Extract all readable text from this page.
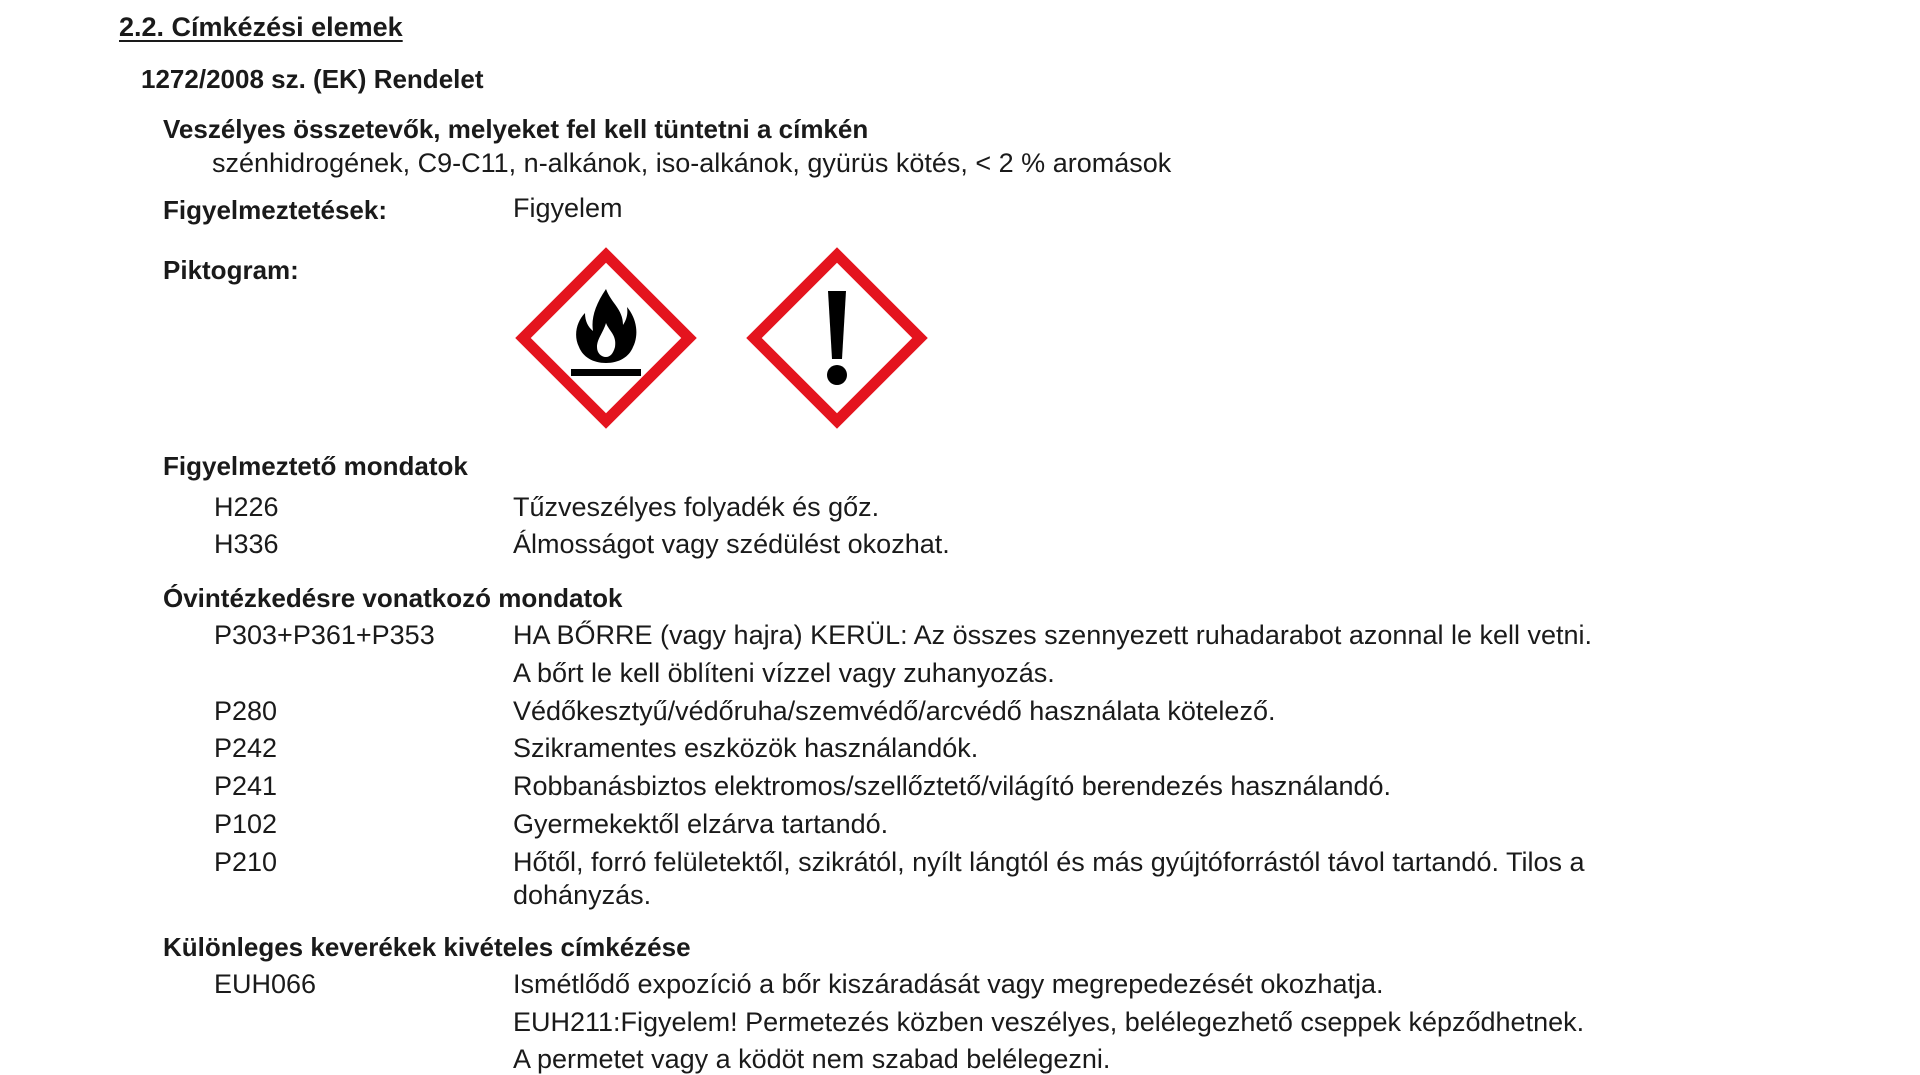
2.2. Címkézési elemek
1272/2008 sz. (EK) Rendelet
Veszélyes összetevők, melyeket fel kell tüntetni a címkén
szénhidrogének, C9-C11, n-alkánok, iso-alkánok, gyürüs kötés, < 2 % aromások
Figyelmeztetések:	Figyelem
Piktogram:
Figyelmeztető mondatok
H226	Tűzveszélyes folyadék és gőz.
H336	Álmosságot vagy szédülést okozhat.
Óvintézkedésre vonatkozó mondatok
P303+P361+P353	HA BŐRRE (vagy hajra) KERÜL: Az összes szennyezett ruhadarabot azonnal le kell vetni.
A bőrt le kell öblíteni vízzel vagy zuhanyozás.
P280	Védőkesztyű/védőruha/szemvédő/arcvédő használata kötelező.
P242	Szikramentes eszközök használandók.
P241	Robbanásbiztos elektromos/szellőztető/világító berendezés használandó.
P102	Gyermekektől elzárva tartandó.
P210	Hőtől, forró felületektől, szikrától, nyílt lángtól és más gyújtóforrástól távol tartandó. Tilos a
dohányzás.
Különleges keverékek kivételes címkézése
EUH066	Ismétlődő expozíció a bőr kiszáradását vagy megrepedezését okozhatja.
EUH211:Figyelem! Permetezés közben veszélyes, belélegezhető cseppek képződhetnek.
A permetet vagy a ködöt nem szabad belélegezni.
